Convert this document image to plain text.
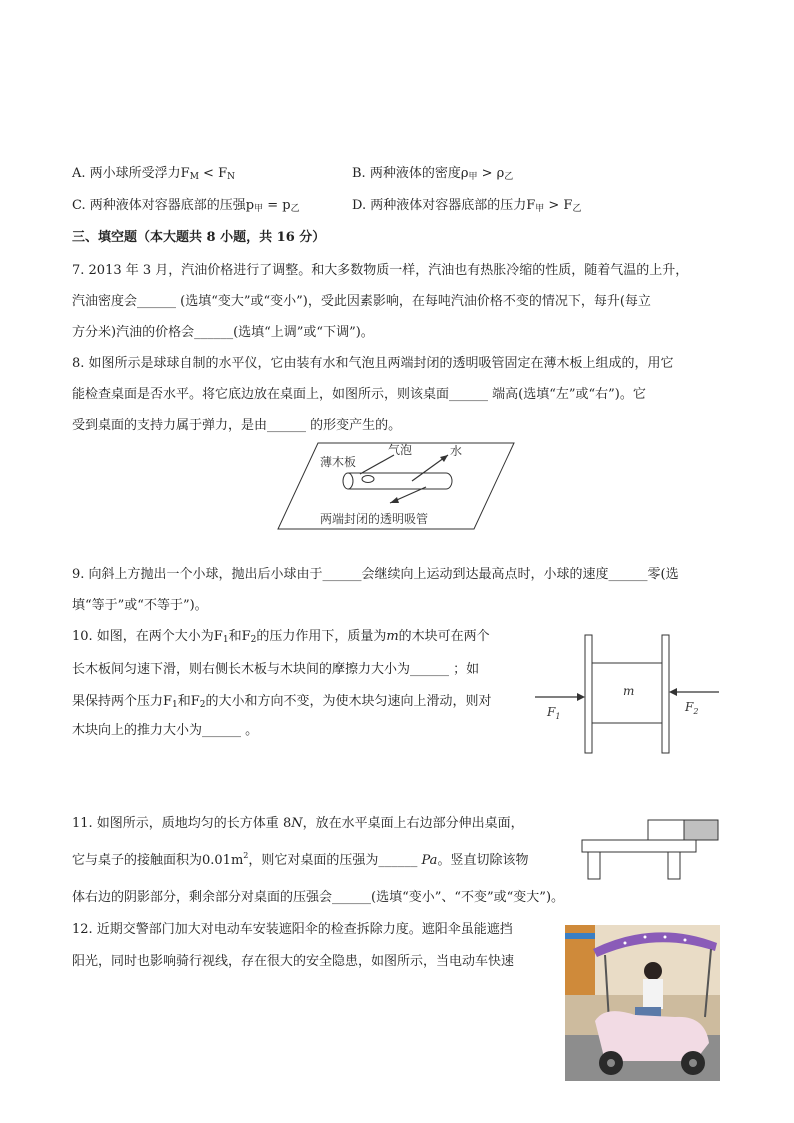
A. 两小球所受浮力$F_M < F_N$	B. 两种液体的密度$\rho_甲 > \rho_乙$
C. 两种液体对容器底部的压强$p_甲 = p_乙$	D. 两种液体对容器底部的压力$F_甲 > F_乙$
三、填空题（本大题共 8 小题，共 16 分）
7. 2013 年 3 月，汽油价格进行了调整。和大多数物质一样，汽油也有热胀冷缩的性质，随着气温的上升，
汽油密度会______ (选填“变大”或“变小”)，受此因素影响，在每吨汽油价格不变的情况下，每升(每立
方分米)汽油的价格会______(选填“上调”或“下调”)。
8. 如图所示是球球自制的水平仪，它由装有水和气泡且两端封闭的透明吸管固定在薄木板上组成的，用它
能检查桌面是否水平。将它底边放在桌面上，如图所示，则该桌面______ 端高(选填“左”或“右”)。它
受到桌面的支持力属于弹力，是由______ 的形变产生的。
薄木板
气泡	水
两端封闭的透明吸管
9. 向斜上方抛出一个小球，抛出后小球由于______会继续向上运动到达最高点时，小球的速度______零(选
填“等于”或“不等于”)。
10. 如图，在两个大小为$F_1$和$F_2$的压力作用下，质量为m的木块可在两个
长木板间匀速下滑，则右侧长木板与木块间的摩擦力大小为______ ；如
果保持两个压力$F_1$和$F_2$的大小和方向不变，为使木块匀速向上滑动，则对
木块向上的推力大小为______ 。
m
$F_1$
$F_2$
11. 如图所示，质地均匀的长方体重 8N，放在水平桌面上右边部分伸出桌面，
它与桌子的接触面积为$0.01m^2$，则它对桌面的压强为______ Pa。竖直切除该物
体右边的阴影部分，剩余部分对桌面的压强会______(选填“变小”、“不变”或“变大”)。
12. 近期交警部门加大对电动车安装遮阳伞的检查拆除力度。遮阳伞虽能遮挡
阳光，同时也影响骑行视线，存在很大的安全隐患，如图所示，当电动车快速
